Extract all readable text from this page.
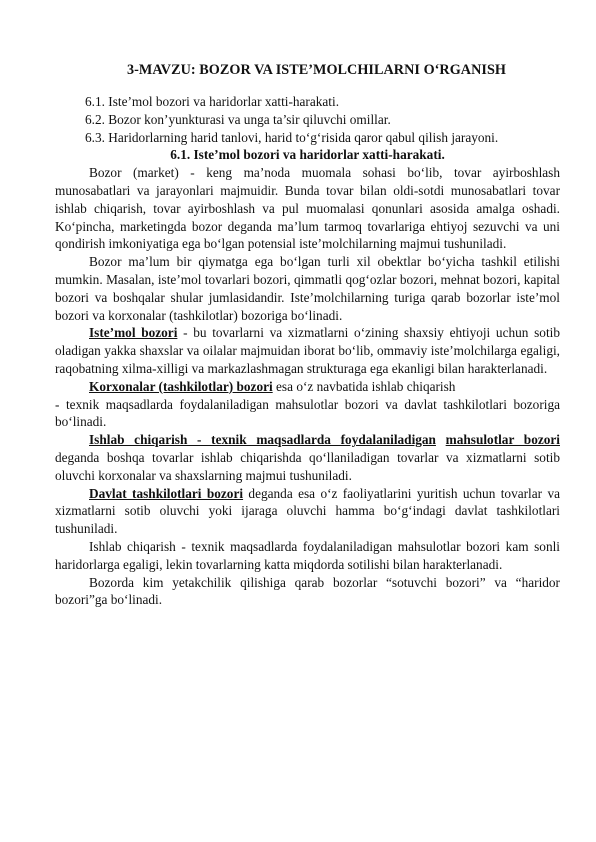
3-MAVZU: BOZOR VA ISTE’MOLCHILARNI O‘RGANISH
6.1. Iste’mol bozori va haridorlar xatti-harakati.
6.2. Bozor kon’yunkturasi va unga ta’sir qiluvchi omillar.
6.3. Haridorlarning harid tanlovi, harid to‘g‘risida qaror qabul qilish jarayoni.
6.1. Iste’mol bozori va haridorlar xatti-harakati.

Bozor (market) - keng ma’noda muomala sohasi bo‘lib, tovar ayirboshlash munosabatlari va jarayonlari majmuidir. Bunda tovar bilan oldi-sotdi munosabatlari tovar ishlab chiqarish, tovar ayirboshlash va pul muomalasi qonunlari asosida amalga oshadi. Ko‘pincha, marketingda bozor deganda ma’lum tarmoq tovarlariga ehtiyoj sezuvchi va uni qondirish imkoniyatiga ega bo‘lgan potensial iste’molchilarning majmui tushuniladi.

Bozor ma’lum bir qiymatga ega bo‘lgan turli xil obektlar bo‘yicha tashkil etilishi mumkin. Masalan, iste’mol tovarlari bozori, qimmatli qog‘ozlar bozori, mehnat bozori, kapital bozori va boshqalar shular jumlasidandir. Iste’molchilarning turiga qarab bozorlar iste’mol bozori va korxonalar (tashkilotlar) bozoriga bo‘linadi.

Iste’mol bozori - bu tovarlarni va xizmatlarni o‘zining shaxsiy ehtiyoji uchun sotib oladigan yakka shaxslar va oilalar majmuidan iborat bo‘lib, ommaviy iste’molchilarga egaligi, raqobatning xilma-xilligi va markazlashmagan strukturaga ega ekanligi bilan harakterlanadi.

Korxonalar (tashkilotlar) bozori esa o‘z navbatida ishlab chiqarish

- texnik maqsadlarda foydalaniladigan mahsulotlar bozori va davlat tashkilotlari bozoriga bo‘linadi.

Ishlab chiqarish - texnik maqsadlarda foydalaniladigan mahsulotlar bozori deganda boshqa tovarlar ishlab chiqarishda qo‘llaniladigan tovarlar va xizmatlarni sotib oluvchi korxonalar va shaxslarning majmui tushuniladi.

Davlat tashkilotlari bozori deganda esa o‘z faoliyatlarini yuritish uchun tovarlar va xizmatlarni sotib oluvchi yoki ijaraga oluvchi hamma bo‘g‘indagi davlat tashkilotlari tushuniladi.

Ishlab chiqarish - texnik maqsadlarda foydalaniladigan mahsulotlar bozori kam sonli haridorlarga egaligi, lekin tovarlarning katta miqdorda sotilishi bilan harakterlanadi.

Bozorda kim yetakchilik qilishiga qarab bozorlar “sotuvchi bozori” va “haridor bozori”ga bo‘linadi.
